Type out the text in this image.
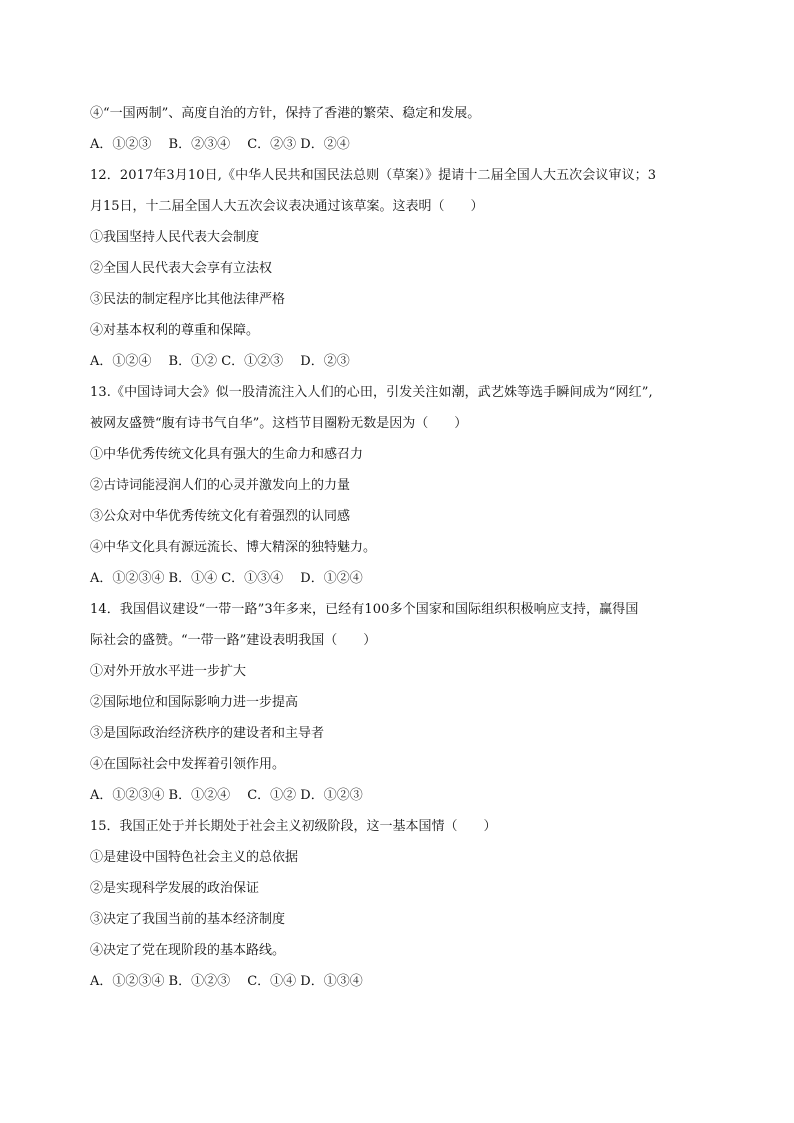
④“一国两制”、高度自治的方针，保持了香港的繁荣、稳定和发展。
A．①②③　 B．②③④　 C．②③ D．②④
12．2017年3月10日,《中华人民共和国民法总则（草案）》提请十二届全国人大五次会议审议；3
月15日，十二届全国人大五次会议表决通过该草案。这表明（　　）
①我国坚持人民代表大会制度
②全国人民代表大会享有立法权
③民法的制定程序比其他法律严格
④对基本权利的尊重和保障。
A．①②④　 B．①② C．①②③　 D．②③
13.《中国诗词大会》似一股清流注入人们的心田，引发关注如潮，武艺姝等选手瞬间成为“网红”,
被网友盛赞“腹有诗书气自华”。这档节目圈粉无数是因为（　　）
①中华优秀传统文化具有强大的生命力和感召力
②古诗词能浸润人们的心灵并激发向上的力量
③公众对中华优秀传统文化有着强烈的认同感
④中华文化具有源远流长、博大精深的独特魅力。
A．①②③④ B．①④ C．①③④　 D．①②④
14．我国倡议建设“一带一路”3年多来，已经有100多个国家和国际组织积极响应支持，赢得国
际社会的盛赞。“一带一路”建设表明我国（　　）
①对外开放水平进一步扩大
②国际地位和国际影响力进一步提高
③是国际政治经济秩序的建设者和主导者
④在国际社会中发挥着引领作用。
A．①②③④ B．①②④　 C．①② D．①②③
15．我国正处于并长期处于社会主义初级阶段，这一基本国情（　　）
①是建设中国特色社会主义的总依据
②是实现科学发展的政治保证
③决定了我国当前的基本经济制度
④决定了党在现阶段的基本路线。
A．①②③④ B．①②③　 C．①④ D．①③④
